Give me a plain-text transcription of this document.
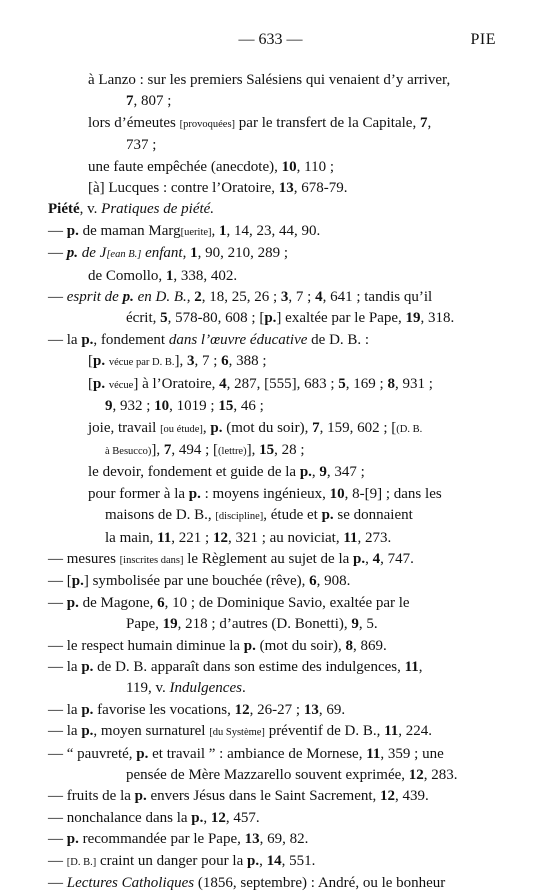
— 633 —	PIE
à Lanzo : sur les premiers Salésiens qui venaient d’y arriver,
7, 807 ;
lors d’émeutes [provoquées] par le transfert de la Capitale, 7,
737 ;
une faute empêchée (anecdote), 10, 110 ;
[à] Lucques : contre l’Oratoire, 13, 678-79.
Piété, v. Pratiques de piété.
— p. de maman Marg[uerite], 1, 14, 23, 44, 90.
— p. de J[ean B.] enfant, 1, 90, 210, 289 ;
de Comollo, 1, 338, 402.
— esprit de p. en D. B., 2, 18, 25, 26 ; 3, 7 ; 4, 641 ; tandis qu’il
écrit, 5, 578-80, 608 ; [p.] exaltée par le Pape, 19, 318.
— la p., fondement dans l’œuvre éducative de D. B. :
[p. vécue par D. B.], 3, 7 ; 6, 388 ;
[p. vécue] à l’Oratoire, 4, 287, [555], 683 ; 5, 169 ; 8, 931 ;
9, 932 ; 10, 1019 ; 15, 46 ;
joie, travail [ou étude], p. (mot du soir), 7, 159, 602 ; [(D. B.
à Besucco)], 7, 494 ; [(lettre)], 15, 28 ;
le devoir, fondement et guide de la p., 9, 347 ;
pour former à la p. : moyens ingénieux, 10, 8-[9] ; dans les
maisons de D. B., [discipline], étude et p. se donnaient
la main, 11, 221 ; 12, 321 ; au noviciat, 11, 273.
— mesures [inscrites dans] le Règlement au sujet de la p., 4, 747.
— [p.] symbolisée par une bouchée (rêve), 6, 908.
— p. de Magone, 6, 10 ; de Dominique Savio, exaltée par le
Pape, 19, 218 ; d’autres (D. Bonetti), 9, 5.
— le respect humain diminue la p. (mot du soir), 8, 869.
— la p. de D. B. apparaît dans son estime des indulgences, 11,
119, v. Indulgences.
— la p. favorise les vocations, 12, 26-27 ; 13, 69.
— la p., moyen surnaturel [du Système] préventif de D. B., 11, 224.
— “ pauvreté, p. et travail ” : ambiance de Mornese, 11, 359 ; une
pensée de Mère Mazzarello souvent exprimée, 12, 283.
— fruits de la p. envers Jésus dans le Saint Sacrement, 12, 439.
— nonchalance dans la p., 12, 457.
— p. recommandée par le Pape, 13, 69, 82.
— [D. B.] craint un danger pour la p., 14, 551.
— Lectures Catholiques (1856, septembre) : André, ou le bonheur
